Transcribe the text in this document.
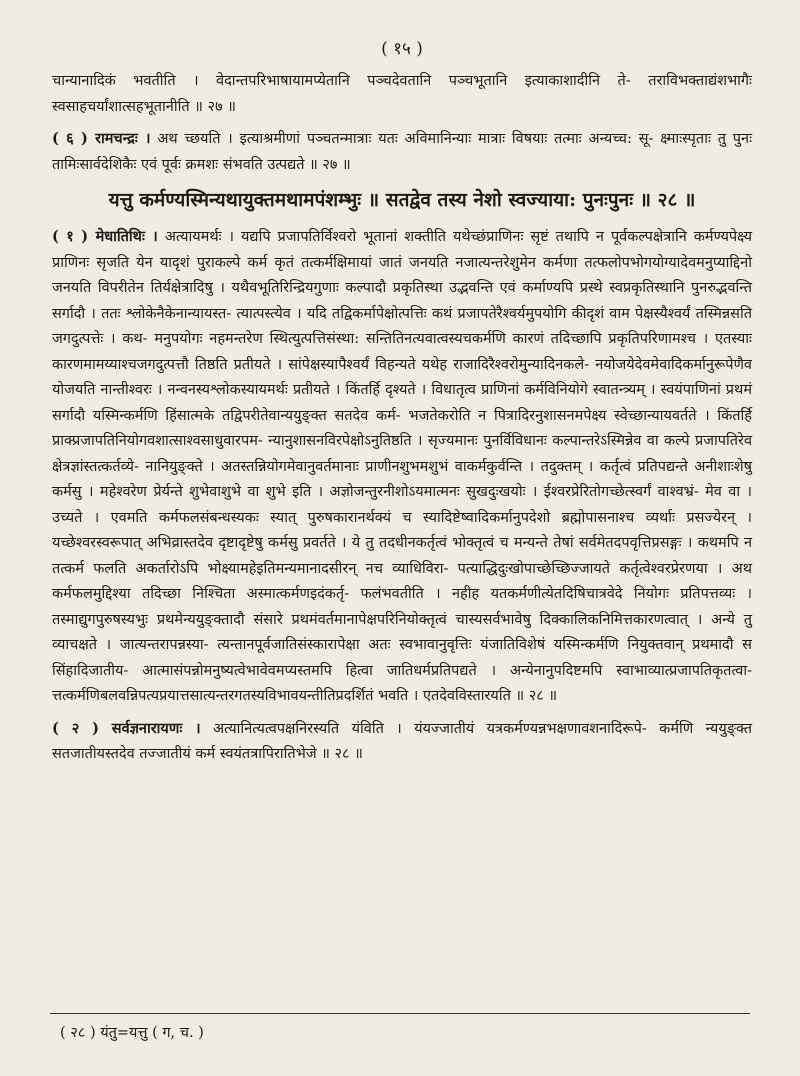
( १५ )

चान्यानादिकं भवतीति । वेदान्तपरिभाषायामप्येतानि पञ्चदेवतानि पञ्चभूतानि इत्याकाशादीनि ते- तराविभक्ताद्यंशभागैः स्वसाहचर्यांशात्सहभूतानीति ॥ २७ ॥

( ६ ) रामचन्द्रः । अथ च्छयति । इत्याश्रमीणां पञ्चतन्मात्राः यतः अविमानिन्याः मात्राः विषयाः तत्माः अन्यच्च: सू- क्ष्माःस्पृताः तु पुनः तामिःसार्वदेशिकैः एवं पूर्वः क्रमशः संभवति उत्पद्यते ॥ २७ ॥

यत्तु कर्मण्यस्मिन्यथायुक्तमथामपंशम्भुः ॥ सतद्वेव तस्य नेशो स्वज्याया: पुनःपुनः ॥ २८ ॥

( १ ) मेधातिथिः । अत्यायमर्थः । यद्यपि प्रजापतिर्विश्वरो भूतानां शक्तीति यथेच्छंप्राणिनः सृष्टं तथापि न पूर्वकल्पक्षेत्रानि कर्मण्यपेक्ष्य प्राणिनः सृजति येन यादृशं पुराकल्पे कर्म कृतं तत्कर्मक्षिमायां जातं जनयति नजात्यन्तरेशुमेन कर्मणा तत्फलोपभोगयोग्यादेवमनुप्याद्दिनो जनयति विपरीतेन तिर्यक्षेत्रादिषु । यथैवभूतिरिन्द्रियगुणाः कल्पादौ प्रकृतिस्था उद्भवन्ति एवं कर्माण्यपि प्रस्थे स्वप्रकृतिस्थानि पुनरुद्भवन्ति सर्गादौ । ततः श्लोकेनैकेनान्यायस्त- त्यात्पस्त्येव । यदि तद्विकर्मापेक्षोत्पत्तिः कथं प्रजापतेरैश्वर्यमुपयोगि कीदृशं वाम पेक्षस्यैश्वर्यं तस्मिन्नसति जगदुत्पत्तेः । कथ- मनुपयोगः नहमन्तरेण स्थित्युत्पत्तिसंस्था: सन्तितिनत्यवात्वस्यचकर्मणि कारणं तदिच्छापि प्रकृतिपरिणामश्च । एतस्याः कारणमामय्याश्चजगदुत्पत्तौ तिष्ठति प्रतीयते । सांपेक्षस्यापैश्वर्यं विहन्यते यथेह राजादिरैश्वरोमुन्यादिनकले- नयोजयेदेवमेवादिकर्मानुरूपेणैव योजयति नान्तीश्वरः । नन्वनस्यश्लोकस्यायमर्थः प्रतीयते । किंतर्हि दृश्यते । विधातृत्व प्राणिनां कर्मविनियोगे स्वातन्त्र्यम् । स्वयंपाणिनां प्रथमं सर्गादौ यस्मिन्कर्मणि हिंसात्मके तद्विपरीतेवान्ययुङ्क्त सतदेव कर्म- भजतेकरोति न पित्रादिरनुशासनमपेक्ष्य स्वेच्छान्यायवर्तते । किंतर्हि प्राक्प्रजापतिनियोगवशात्साश्वसाधुवारपम- न्यानुशासनविरपेक्षोऽनुतिष्ठति । सृज्यमानः पुनर्विविधानः कल्पान्तरेऽस्मिन्नेव वा कल्पे प्रजापतिरेव क्षेत्रज्ञांस्तत्कर्तव्ये- नानियुङ्क्ते । अतस्तन्नियोगमेवानुवर्तमानाः प्राणीनशुभमशुभं वाकर्मकुर्वन्ति । तदुक्तम् । कर्तृत्वं प्रतिपद्यन्ते अनीशाःशेषु कर्मसु । महेश्वरेण प्रेर्यन्ते शुभेवाशुभे वा शुभे इति । अज्ञोजन्तुरनीशोऽयमात्मनः सुखदुःखयोः । ईश्वरप्रेरितोगच्छेत्स्वर्गं वाश्वभ्रं- मेव वा । उच्यते । एवमति कर्मफलसंबन्धस्यकः स्यात् पुरुषकारानर्थक्यं च स्यादिष्टेष्वादिकर्मानुपदेशो ब्रह्मोपासनाश्च व्यर्थाः प्रसज्येरन् । यच्छेश्वरस्वरूपात् अभिव्रास्तदेव दृष्टादृष्टेषु कर्मसु प्रवर्तते । ये तु तदधीनकर्तृत्वं भोक्तृत्वं च मन्यन्ते तेषां सर्वमेतदपवृत्तिप्रसङ्गः । कथमपि न तत्कर्म फलति अकर्तारोऽपि भोक्ष्यामहेइतिमन्यमानादसीरन् नच व्याधिविरा- पत्याद्धिदुःखोपाच्छेच्छिज्जायते कर्तृत्वेश्वरप्रेरणया । अथ कर्मफलमुद्दिश्या तदिच्छा निश्चिता अस्मात्कर्मणइदंकर्तृ- फलंभवतीति । नहीह यतकर्मणीत्येतदिषिचात्रवेदे नियोगः प्रतिपत्तव्यः । तस्माद्युगपुरुषस्यभुः प्रथमेन्ययुङ्क्तादौ संसारे प्रथमंवर्तमानापेक्षपरिनियोक्तृत्वं चास्यसर्वभावेषु दिक्कालिकनिमित्तकारणत्वात् । अन्ये तु व्याचक्षते । जात्यन्तरापन्नस्या- त्यन्तानपूर्वजातिसंस्कारापेक्षा अतः स्वभावानुवृत्तिः यंजातिविशेषं यस्मिन्कर्मणि नियुक्तवान् प्रथमादौ स सिंहादिजातीय- आत्मासंपन्नोमनुष्यत्वेभावेवमप्यस्तमपि हित्वा जातिधर्मप्रतिपद्यते । अन्येनानुपदिष्टमपि स्वाभाव्यात्प्रजापतिकृतत्वा- त्तत्कर्मणिबलवन्निपत्यप्रयात्तसात्यन्तरगतस्यविभावयन्तीतिप्रदर्शितं भवति । एतदेवविस्तारयति ॥ २८ ॥

( २ ) सर्वज्ञनारायणः । अत्यानित्यत्वपक्षनिरस्यति यंविति । यंयज्जातीयं यत्रकर्मण्यन्नभक्षणावशनादिरूपे- कर्मणि न्ययुङ्क्त सतजातीयस्तदेव तज्जातीयं कर्म स्वयंतत्रापिरातिभेजे ॥ २८ ॥

( २८ ) यंतु=यत्तु ( ग, च. )
